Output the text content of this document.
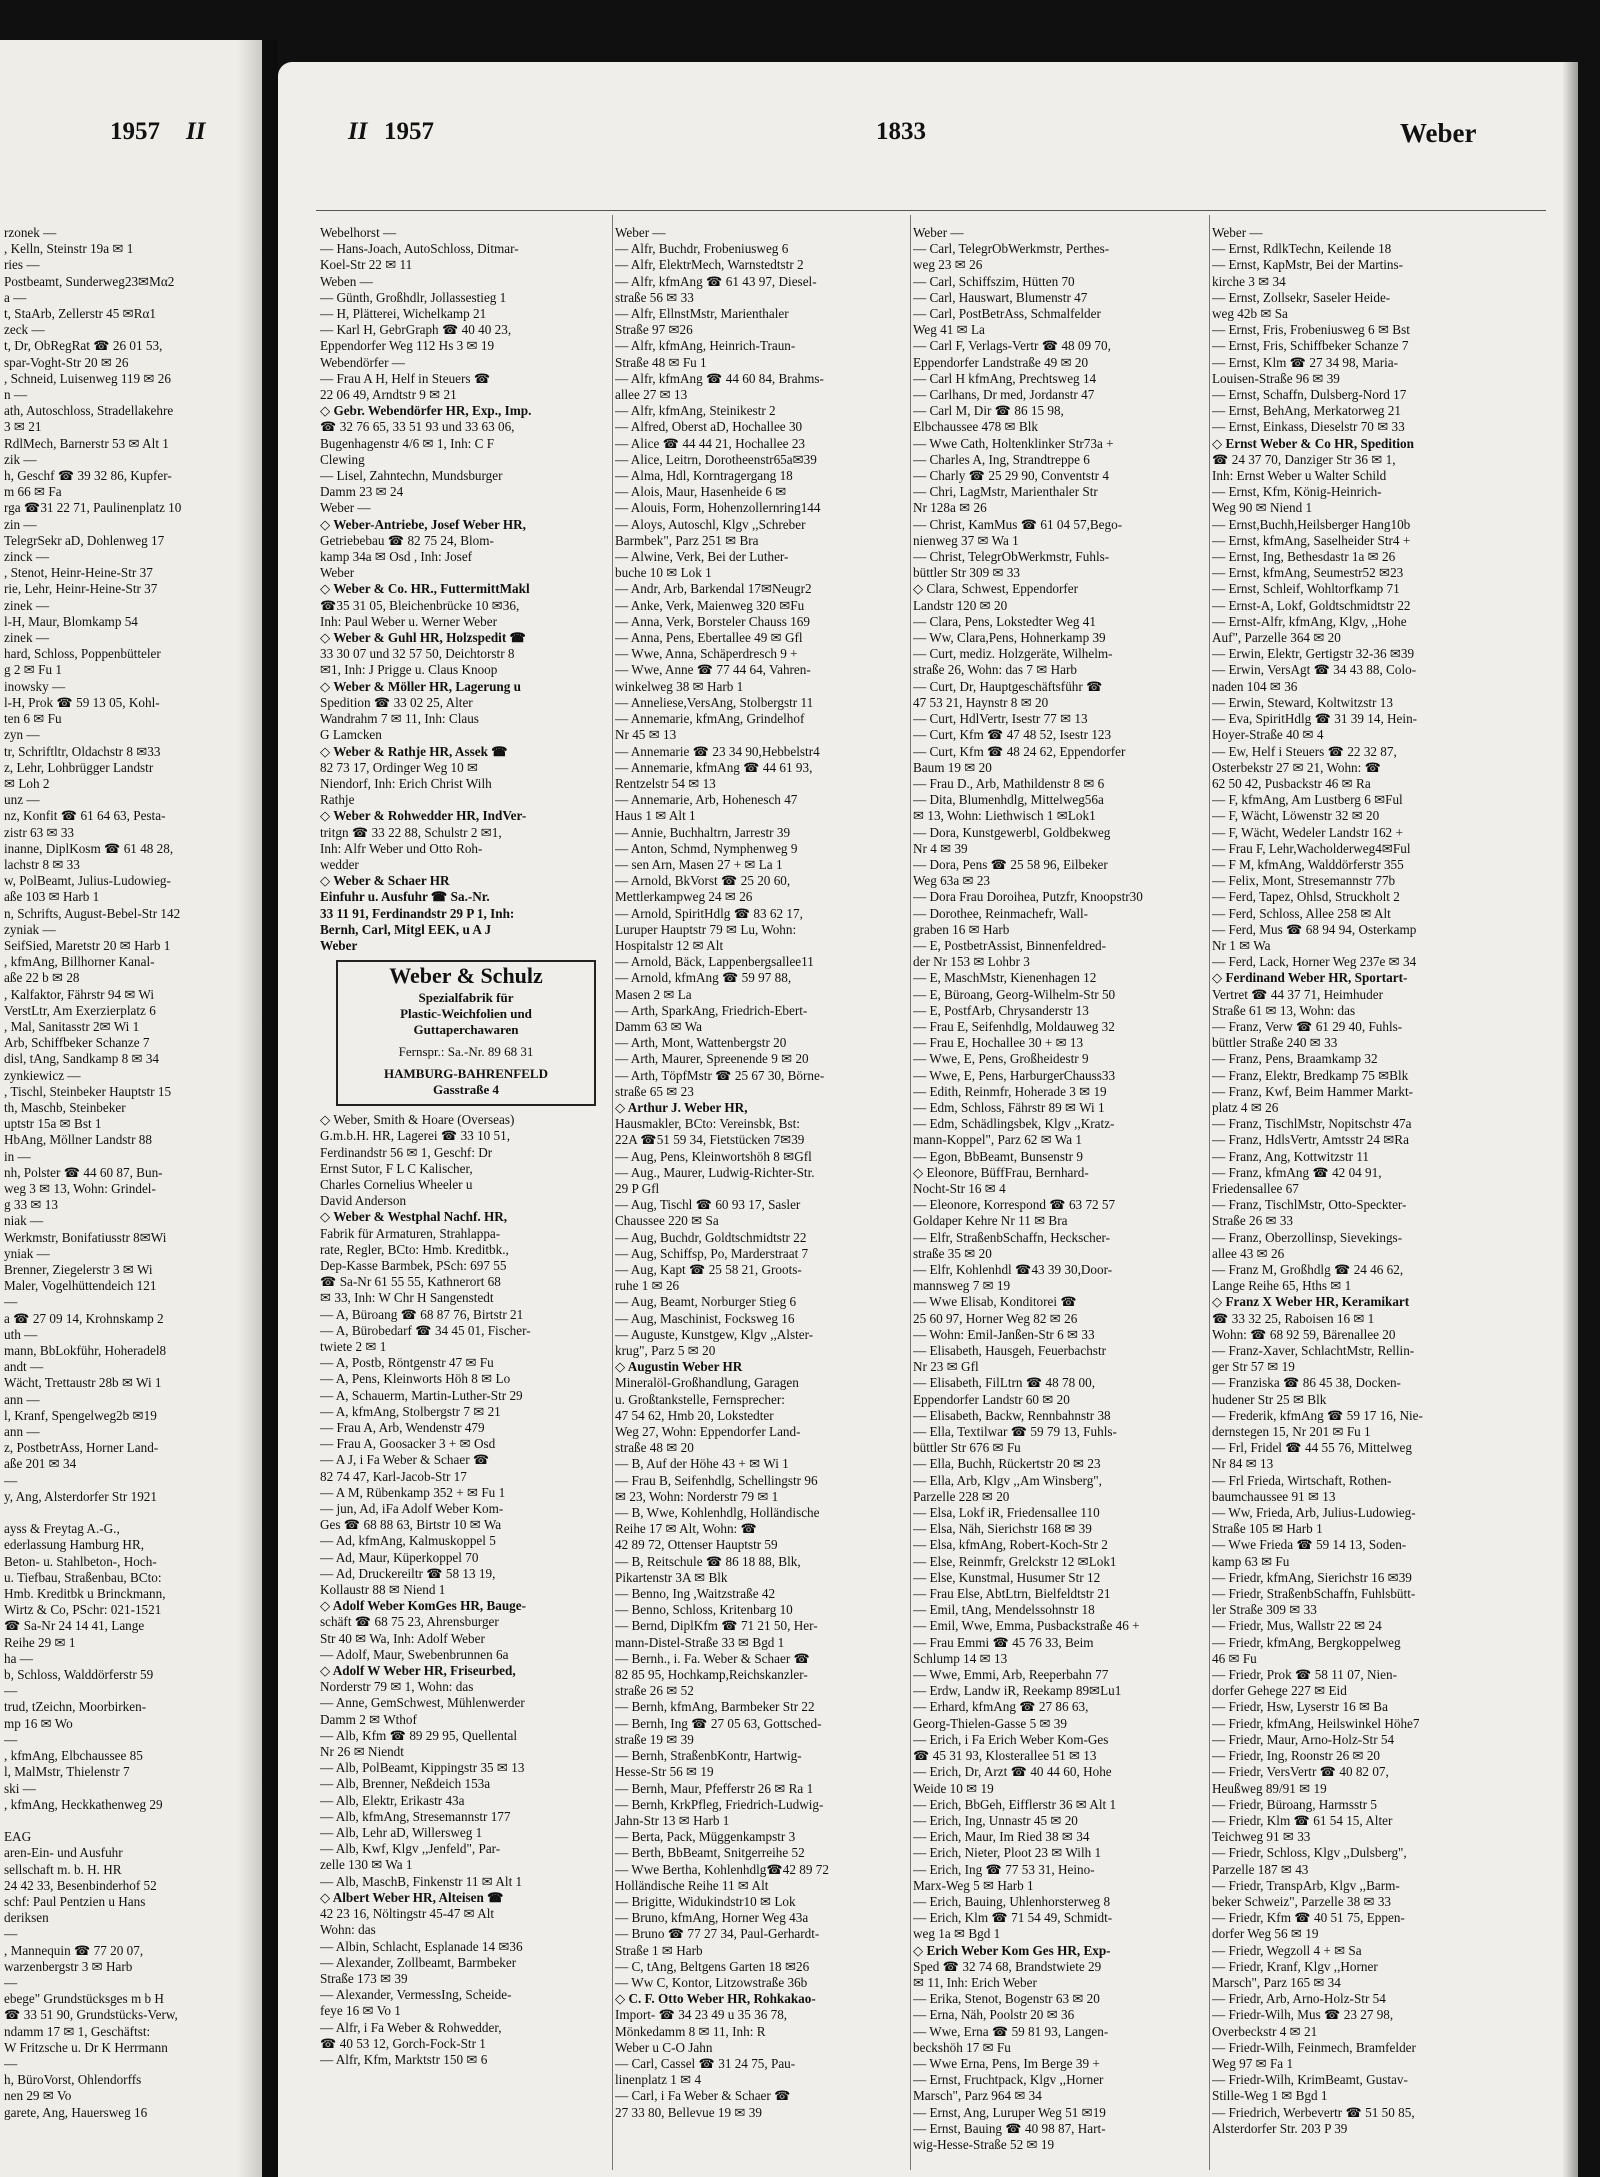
1957 II	II 1957	1833	Weber
rzonek —
, Kelln, Steinstr 19a ✉ 1
ries —
Postbeamt, Sunderweg23✉Mα2
a —
t, StaArb, Zellerstr 45 ✉Rα1
zeck —
t, Dr, ObRegRat ☎ 26 01 53,
spar-Voght-Str 20 ✉ 26
, Schneid, Luisenweg 119 ✉ 26
n —
ath, Autoschloss, Stradellakehre
3 ✉ 21
RdlMech, Barnerstr 53 ✉ Alt 1
zik —
h, Geschf ☎ 39 32 86, Kupfer-
m 66 ✉ Fa
rga ☎31 22 71, Paulinenplatz 10
zin —
TelegrSekr aD, Dohlenweg 17
zinck —
, Stenot, Heinr-Heine-Str 37
rie, Lehr, Heinr-Heine-Str 37
zinek —
l-H, Maur, Blomkamp 54
zinek —
hard, Schloss, Poppenbütteler
g 2 ✉ Fu 1
inowsky —
l-H, Prok ☎ 59 13 05, Kohl-
ten 6 ✉ Fu
zyn —
tr, Schriftltr, Oldachstr 8 ✉33
z, Lehr, Lohbrügger Landstr
✉ Loh 2
unz —
nz, Konfit ☎ 61 64 63, Pesta-
zistr 63 ✉ 33
inanne, DiplKosm ☎ 61 48 28,
lachstr 8 ✉ 33
w, PolBeamt, Julius-Ludowieg-
aße 103 ✉ Harb 1
n, Schrifts, August-Bebel-Str 142
zyniak —
SeifSied, Maretstr 20 ✉ Harb 1
, kfmAng, Billhorner Kanal-
aße 22 b ✉ 28
, Kalfaktor, Fährstr 94 ✉ Wi
VerstLtr, Am Exerzierplatz 6
, Mal, Sanitasstr 2✉ Wi 1
Arb, Schiffbeker Schanze 7
disl, tAng, Sandkamp 8 ✉ 34
zynkiewicz —
, Tischl, Steinbeker Hauptstr 15
th, Maschb, Steinbeker
uptstr 15a ✉ Bst 1
HbAng, Möllner Landstr 88
in —
nh, Polster ☎ 44 60 87, Bun-
weg 3 ✉ 13, Wohn: Grindel-
g 33 ✉ 13
niak —
Werkmstr, Bonifatiusstr 8✉Wi
yniak —
Brenner, Ziegelerstr 3 ✉ Wi
Maler, Vogelhüttendeich 121
—
a ☎ 27 09 14, Krohnskamp 2
uth —
mann, BbLokführ, Hoheradel8
andt —
Wächt, Trettaustr 28b ✉ Wi 1
ann —
l, Kranf, Spengelweg2b ✉19
ann —
z, PostbetrAss, Horner Land-
aße 201 ✉ 34
—
y, Ang, Alsterdorfer Str 1921

ayss & Freytag A.-G.,
ederlassung Hamburg HR,
Beton- u. Stahlbeton-, Hoch-
u. Tiefbau, Straßenbau, BCto:
Hmb. Kreditbk u Brinckmann,
Wirtz & Co, PSchr: 021-1521
☎ Sa-Nr 24 14 41, Lange
Reihe 29 ✉ 1
ha —
b, Schloss, Walddörferstr 59
—
trud, tZeichn, Moorbirken-
mp 16 ✉ Wo
—
, kfmAng, Elbchaussee 85
l, MalMstr, Thielenstr 7
ski —
, kfmAng, Heckkathenweg 29

EAG
aren-Ein- und Ausfuhr
sellschaft m. b. H. HR
24 42 33, Besenbinderhof 52
schf: Paul Pentzien u Hans
deriksen
—
, Mannequin ☎ 77 20 07,
warzenbergstr 3 ✉ Harb
—
ebege" Grundstücksges m b H
☎ 33 51 90, Grundstücks-Verw,
ndamm 17 ✉ 1, Geschäftst:
W Fritzsche u. Dr K Herrmann
—
h, BüroVorst, Ohlendorffs
nen 29 ✉ Vo
garete, Ang, Hauersweg 16
Webelhorst —
— Hans-Joach, AutoSchloss, Ditmar-
Koel-Str 22 ✉ 11
Weben —
— Günth, Großhdlr, Jollassestieg 1
— H, Plätterei, Wichelkamp 21
— Karl H, GebrGraph ☎ 40 40 23,
Eppendorfer Weg 112 Hs 3 ✉ 19
Webendörfer —
— Frau A H, Helf in Steuers ☎
22 06 49, Arndtstr 9 ✉ 21
◇ Gebr. Webendörfer HR, Exp., Imp.
☎ 32 76 65, 33 51 93 und 33 63 06,
Bugenhagenstr 4/6 ✉ 1, Inh: C F
Clewing
— Lisel, Zahntechn, Mundsburger
Damm 23 ✉ 24
Weber —
◇ Weber-Antriebe, Josef Weber HR,
Getriebebau ☎ 82 75 24, Blom-
kamp 34a ✉ Osd , Inh: Josef
Weber
◇ Weber & Co. HR., FuttermittMakl
☎35 31 05, Bleichenbrücke 10 ✉36,
Inh: Paul Weber u. Werner Weber
◇ Weber & Guhl HR, Holzspedit ☎
33 30 07 und 32 57 50, Deichtorstr 8
✉1, Inh: J Prigge u. Claus Knoop
◇ Weber & Möller HR, Lagerung u
Spedition ☎ 33 02 25, Alter
Wandrahm 7 ✉ 11, Inh: Claus
G Lamcken
◇ Weber & Rathje HR, Assek ☎
82 73 17, Ordinger Weg 10 ✉
Niendorf, Inh: Erich Christ Wilh
Rathje
◇ Weber & Rohwedder HR, IndVer-
tritgn ☎ 33 22 88, Schulstr 2 ✉1,
Inh: Alfr Weber und Otto Roh-
wedder
◇ Weber & Schaer HR
Einfuhr u. Ausfuhr ☎ Sa.-Nr.
33 11 91, Ferdinandstr 29 P 1, Inh:
Bernh, Carl, Mitgl EEK, u A J
Weber
Weber & Schulz
Spezialfabrik für
Plastic-Weichfolien und
Guttaperchawaren
Fernspr.: Sa.-Nr. 89 68 31
HAMBURG-BAHRENFELD
Gasstraße 4
◇ Weber, Smith & Hoare (Overseas)
G.m.b.H. HR, Lagerei ☎ 33 10 51,
Ferdinandstr 56 ✉ 1, Geschf: Dr
Ernst Sutor, F L C Kalischer,
Charles Cornelius Wheeler u
David Anderson
◇ Weber & Westphal Nachf. HR,
Fabrik für Armaturen, Strahlappa-
rate, Regler, BCto: Hmb. Kreditbk.,
Dep-Kasse Barmbek, PSch: 697 55
☎ Sa-Nr 61 55 55, Kathnerort 68
✉ 33, Inh: W Chr H Sangenstedt
— A, Büroang ☎ 68 87 76, Birtstr 21
— A, Bürobedarf ☎ 34 45 01, Fischer-
twiete 2 ✉ 1
— A, Postb, Röntgenstr 47 ✉ Fu
— A, Pens, Kleinworts Höh 8 ✉ Lo
— A, Schauerm, Martin-Luther-Str 29
— A, kfmAng, Stolbergstr 7 ✉ 21
— Frau A, Arb, Wendenstr 479
— Frau A, Goosacker 3 + ✉ Osd
— A J, i Fa Weber & Schaer ☎
82 74 47, Karl-Jacob-Str 17
— A M, Rübenkamp 352 + ✉ Fu 1
— jun, Ad, iFa Adolf Weber Kom-
Ges ☎ 68 88 63, Birtstr 10 ✉ Wa
— Ad, kfmAng, Kalmuskoppel 5
— Ad, Maur, Küperkoppel 70
— Ad, Druckereiltr ☎ 58 13 19,
Kollaustr 88 ✉ Niend 1
◇ Adolf Weber KomGes HR, Bauge-
schäft ☎ 68 75 23, Ahrensburger
Str 40 ✉ Wa, Inh: Adolf Weber
— Adolf, Maur, Swebenbrunnen 6a
◇ Adolf W Weber HR, Friseurbed,
Norderstr 79 ✉ 1, Wohn: das
— Anne, GemSchwest, Mühlenwerder
Damm 2 ✉ Wthof
— Alb, Kfm ☎ 89 29 95, Quellental
Nr 26 ✉ Niendt
— Alb, PolBeamt, Kippingstr 35 ✉ 13
— Alb, Brenner, Neßdeich 153a
— Alb, Elektr, Erikastr 43a
— Alb, kfmAng, Stresemannstr 177
— Alb, Lehr aD, Willersweg 1
— Alb, Kwf, Klgv ,,Jenfeld", Par-
zelle 130 ✉ Wa 1
— Alb, MaschB, Finkenstr 11 ✉ Alt 1
◇ Albert Weber HR, Alteisen ☎
42 23 16, Nöltingstr 45-47 ✉ Alt
Wohn: das
— Albin, Schlacht, Esplanade 14 ✉36
— Alexander, Zollbeamt, Barmbeker
Straße 173 ✉ 39
— Alexander, VermessIng, Scheide-
feye 16 ✉ Vo 1
— Alfr, i Fa Weber & Rohwedder,
☎ 40 53 12, Gorch-Fock-Str 1
— Alfr, Kfm, Marktstr 150 ✉ 6
Weber —
— Alfr, Buchdr, Frobeniusweg 6
— Alfr, ElektrMech, Warnstedtstr 2
— Alfr, kfmAng ☎ 61 43 97, Diesel-
straße 56 ✉ 33
— Alfr, EllnstMstr, Marienthaler
Straße 97 ✉26
— Alfr, kfmAng, Heinrich-Traun-
Straße 48 ✉ Fu 1
— Alfr, kfmAng ☎ 44 60 84, Brahms-
allee 27 ✉ 13
— Alfr, kfmAng, Steinikestr 2
— Alfred, Oberst aD, Hochallee 30
— Alice ☎ 44 44 21, Hochallee 23
— Alice, Leitrn, Dorotheenstr65a✉39
— Alma, Hdl, Korntragergang 18
— Alois, Maur, Hasenheide 6 ✉
— Alouis, Form, Hohenzollernring144
— Aloys, Autoschl, Klgv ,,Schreber
Barmbek", Parz 251 ✉ Bra
— Alwine, Verk, Bei der Luther-
buche 10 ✉ Lok 1
— Andr, Arb, Barkendal 17✉Neugr2
— Anke, Verk, Maienweg 320 ✉Fu
— Anna, Verk, Borsteler Chauss 169
— Anna, Pens, Ebertallee 49 ✉ Gfl
— Wwe, Anna, Schäperdresch 9 +
— Wwe, Anne ☎ 77 44 64, Vahren-
winkelweg 38 ✉ Harb 1
— Anneliese,VersAng, Stolbergstr 11
— Annemarie, kfmAng, Grindelhof
Nr 45 ✉ 13
— Annemarie ☎ 23 34 90,Hebbelstr4
— Annemarie, kfmAng ☎ 44 61 93,
Rentzelstr 54 ✉ 13
— Annemarie, Arb, Hohenesch 47
Haus 1 ✉ Alt 1
— Annie, Buchhaltrn, Jarrestr 39
— Anton, Schmd, Nymphenweg 9
— sen Arn, Masen 27 + ✉ La 1
— Arnold, BkVorst ☎ 25 20 60,
Mettlerkampweg 24 ✉ 26
— Arnold, SpiritHdlg ☎ 83 62 17,
Luruper Hauptstr 79 ✉ Lu, Wohn:
Hospitalstr 12 ✉ Alt
— Arnold, Bäck, Lappenbergsallee11
— Arnold, kfmAng ☎ 59 97 88,
Masen 2 ✉ La
— Arth, SparkAng, Friedrich-Ebert-
Damm 63 ✉ Wa
— Arth, Mont, Wattenbergstr 20
— Arth, Maurer, Spreenende 9 ✉ 20
— Arth, TöpfMstr ☎ 25 67 30, Börne-
straße 65 ✉ 23
◇ Arthur J. Weber HR,
Hausmakler, BCto: Vereinsbk, Bst:
22A ☎51 59 34, Fietstücken 7✉39
— Aug, Pens, Kleinwortshöh 8 ✉Gfl
— Aug., Maurer, Ludwig-Richter-Str.
29 P Gfl
— Aug, Tischl ☎ 60 93 17, Sasler
Chaussee 220 ✉ Sa
— Aug, Buchdr, Goldtschmidtstr 22
— Aug, Schiffsp, Po, Marderstraat 7
— Aug, Kapt ☎ 25 58 21, Groots-
ruhe 1 ✉ 26
— Aug, Beamt, Norburger Stieg 6
— Aug, Maschinist, Focksweg 16
— Auguste, Kunstgew, Klgv ,,Alster-
krug", Parz 5 ✉ 20
◇ Augustin Weber HR
Mineralöl-Großhandlung, Garagen
u. Großtankstelle, Fernsprecher:
47 54 62, Hmb 20, Lokstedter
Weg 27, Wohn: Eppendorfer Land-
straße 48 ✉ 20
— B, Auf der Höhe 43 + ✉ Wi 1
— Frau B, Seifenhdlg, Schellingstr 96
✉ 23, Wohn: Norderstr 79 ✉ 1
— B, Wwe, Kohlenhdlg, Holländische
Reihe 17 ✉ Alt, Wohn: ☎
42 89 72, Ottenser Hauptstr 59
— B, Reitschule ☎ 86 18 88, Blk,
Pikartenstr 3A ✉ Blk
— Benno, Ing ,Waitzstraße 42
— Benno, Schloss, Kritenbarg 10
— Bernd, DiplKfm ☎ 71 21 50, Her-
mann-Distel-Straße 33 ✉ Bgd 1
— Bernh., i. Fa. Weber & Schaer ☎
82 85 95, Hochkamp,Reichskanzler-
straße 26 ✉ 52
— Bernh, kfmAng, Barmbeker Str 22
— Bernh, Ing ☎ 27 05 63, Gottsched-
straße 19 ✉ 39
— Bernh, StraßenbKontr, Hartwig-
Hesse-Str 56 ✉ 19
— Bernh, Maur, Pfefferstr 26 ✉ Ra 1
— Bernh, KrkPfleg, Friedrich-Ludwig-
Jahn-Str 13 ✉ Harb 1
— Berta, Pack, Müggenkampstr 3
— Berth, BbBeamt, Snitgerreihe 52
— Wwe Bertha, Kohlenhdlg☎42 89 72
Holländische Reihe 11 ✉ Alt
— Brigitte, Widukindstr10 ✉ Lok
— Bruno, kfmAng, Horner Weg 43a
— Bruno ☎ 77 27 34, Paul-Gerhardt-
Straße 1 ✉ Harb
— C, tAng, Beltgens Garten 18 ✉26
— Ww C, Kontor, Litzowstraße 36b
◇ C. F. Otto Weber HR, Rohkakao-
Import- ☎ 34 23 49 u 35 36 78,
Mönkedamm 8 ✉ 11, Inh: R
Weber u C-O Jahn
— Carl, Cassel ☎ 31 24 75, Pau-
linenplatz 1 ✉ 4
— Carl, i Fa Weber & Schaer ☎
27 33 80, Bellevue 19 ✉ 39
Weber —
— Carl, TelegrObWerkmstr, Perthes-
weg 23 ✉ 26
— Carl, Schiffszim, Hütten 70
— Carl, Hauswart, Blumenstr 47
— Carl, PostBetrAss, Schmalfelder
Weg 41 ✉ La
— Carl F, Verlags-Vertr ☎ 48 09 70,
Eppendorfer Landstraße 49 ✉ 20
— Carl H kfmAng, Prechtsweg 14
— Carlhans, Dr med, Jordanstr 47
— Carl M, Dir ☎ 86 15 98,
Elbchaussee 478 ✉ Blk
— Wwe Cath, Holtenklinker Str73a +
— Charles A, Ing, Strandtreppe 6
— Charly ☎ 25 29 90, Conventstr 4
— Chri, LagMstr, Marienthaler Str
Nr 128a ✉ 26
— Christ, KamMus ☎ 61 04 57,Bego-
nienweg 37 ✉ Wa 1
— Christ, TelegrObWerkmstr, Fuhls-
büttler Str 309 ✉ 33
◇ Clara, Schwest, Eppendorfer
Landstr 120 ✉ 20
— Clara, Pens, Lokstedter Weg 41
— Ww, Clara,Pens, Hohnerkamp 39
— Curt, mediz. Holzgeräte, Wilhelm-
straße 26, Wohn: das 7 ✉ Harb
— Curt, Dr, Hauptgeschäftsführ ☎
47 53 21, Haynstr 8 ✉ 20
— Curt, HdlVertr, Isestr 77 ✉ 13
— Curt, Kfm ☎ 47 48 52, Isestr 123
— Curt, Kfm ☎ 48 24 62, Eppendorfer
Baum 19 ✉ 20
— Frau D., Arb, Mathildenstr 8 ✉ 6
— Dita, Blumenhdlg, Mittelweg56a
✉ 13, Wohn: Liethwisch 1 ✉Lok1
— Dora, Kunstgewerbl, Goldbekweg
Nr 4 ✉ 39
— Dora, Pens ☎ 25 58 96, Eilbeker
Weg 63a ✉ 23
— Dora Frau Doroihea, Putzfr, Knoopstr30
— Dorothee, Reinmachefr, Wall-
graben 16 ✉ Harb
— E, PostbetrAssist, Binnenfeldred-
der Nr 153 ✉ Lohbr 3
— E, MaschMstr, Kienenhagen 12
— E, Büroang, Georg-Wilhelm-Str 50
— E, PostfArb, Chrysanderstr 13
— Frau E, Seifenhdlg, Moldauweg 32
— Frau E, Hochallee 30 + ✉ 13
— Wwe, E, Pens, Großheidestr 9
— Wwe, E, Pens, HarburgerChauss33
— Edith, Reinmfr, Hoherade 3 ✉ 19
— Edm, Schloss, Fährstr 89 ✉ Wi 1
— Edm, Schädlingsbek, Klgv ,,Kratz-
mann-Koppel", Parz 62 ✉ Wa 1
— Egon, BbBeamt, Bunsenstr 9
◇ Eleonore, BüffFrau, Bernhard-
Nocht-Str 16 ✉ 4
— Eleonore, Korrespond ☎ 63 72 57
Goldaper Kehre Nr 11 ✉ Bra
— Elfr, StraßenbSchaffn, Heckscher-
straße 35 ✉ 20
— Elfr, Kohlenhdl ☎43 39 30,Door-
mannsweg 7 ✉ 19
— Wwe Elisab, Konditorei ☎
25 60 97, Horner Weg 82 ✉ 26
— Wohn: Emil-Janßen-Str 6 ✉ 33
— Elisabeth, Hausgeh, Feuerbachstr
Nr 23 ✉ Gfl
— Elisabeth, FilLtrn ☎ 48 78 00,
Eppendorfer Landstr 60 ✉ 20
— Elisabeth, Backw, Rennbahnstr 38
— Ella, Textilwar ☎ 59 79 13, Fuhls-
büttler Str 676 ✉ Fu
— Ella, Buchh, Rückertstr 20 ✉ 23
— Ella, Arb, Klgv ,,Am Winsberg",
Parzelle 228 ✉ 20
— Elsa, Lokf iR, Friedensallee 110
— Elsa, Näh, Sierichstr 168 ✉ 39
— Elsa, kfmAng, Robert-Koch-Str 2
— Else, Reinmfr, Grelckstr 12 ✉Lok1
— Else, Kunstmal, Husumer Str 12
— Frau Else, AbtLtrn, Bielfeldtstr 21
— Emil, tAng, Mendelssohnstr 18
— Emil, Wwe, Emma, Pusbackstraße 46 +
— Frau Emmi ☎ 45 76 33, Beim
Schlump 14 ✉ 13
— Wwe, Emmi, Arb, Reeperbahn 77
— Erdw, Landw iR, Reekamp 89✉Lu1
— Erhard, kfmAng ☎ 27 86 63,
Georg-Thielen-Gasse 5 ✉ 39
— Erich, i Fa Erich Weber Kom-Ges
☎ 45 31 93, Klosterallee 51 ✉ 13
— Erich, Dr, Arzt ☎ 40 44 60, Hohe
Weide 10 ✉ 19
— Erich, BbGeh, Eifflerstr 36 ✉ Alt 1
— Erich, Ing, Unnastr 45 ✉ 20
— Erich, Maur, Im Ried 38 ✉ 34
— Erich, Nieter, Ploot 23 ✉ Wilh 1
— Erich, Ing ☎ 77 53 31, Heino-
Marx-Weg 5 ✉ Harb 1
— Erich, Bauing, Uhlenhorsterweg 8
— Erich, Klm ☎ 71 54 49, Schmidt-
weg 1a ✉ Bgd 1
◇ Erich Weber Kom Ges HR, Exp-
Sped ☎ 32 74 68, Brandstwiete 29
✉ 11, Inh: Erich Weber
— Erika, Stenot, Bogenstr 63 ✉ 20
— Erna, Näh, Poolstr 20 ✉ 36
— Wwe, Erna ☎ 59 81 93, Langen-
beckshöh 17 ✉ Fu
— Wwe Erna, Pens, Im Berge 39 +
— Ernst, Fruchtpack, Klgv ,,Horner
Marsch", Parz 964 ✉ 34
— Ernst, Ang, Luruper Weg 51 ✉19
— Ernst, Bauing ☎ 40 98 87, Hart-
wig-Hesse-Straße 52 ✉ 19
Weber —
— Ernst, RdlkTechn, Keilende 18
— Ernst, KapMstr, Bei der Martins-
kirche 3 ✉ 34
— Ernst, Zollsekr, Saseler Heide-
weg 42b ✉ Sa
— Ernst, Fris, Frobeniusweg 6 ✉ Bst
— Ernst, Fris, Schiffbeker Schanze 7
— Ernst, Klm ☎ 27 34 98, Maria-
Louisen-Straße 96 ✉ 39
— Ernst, Schaffn, Dulsberg-Nord 17
— Ernst, BehAng, Merkatorweg 21
— Ernst, Einkass, Dieselstr 70 ✉ 33
◇ Ernst Weber & Co HR, Spedition
☎ 24 37 70, Danziger Str 36 ✉ 1,
Inh: Ernst Weber u Walter Schild
— Ernst, Kfm, König-Heinrich-
Weg 90 ✉ Niend 1
— Ernst,Buchh,Heilsberger Hang10b
— Ernst, kfmAng, Saselheider Str4 +
— Ernst, Ing, Bethesdastr 1a ✉ 26
— Ernst, kfmAng, Seumestr52 ✉23
— Ernst, Schleif, Wohltorfkamp 71
— Ernst-A, Lokf, Goldtschmidtstr 22
— Ernst-Alfr, kfmAng, Klgv, ,,Hohe
Auf", Parzelle 364 ✉ 20
— Erwin, Elektr, Gertigstr 32-36 ✉39
— Erwin, VersAgt ☎ 34 43 88, Colo-
naden 104 ✉ 36
— Erwin, Steward, Koltwitzstr 13
— Eva, SpiritHdlg ☎ 31 39 14, Hein-
Hoyer-Straße 40 ✉ 4
— Ew, Helf i Steuers ☎ 22 32 87,
Osterbekstr 27 ✉ 21, Wohn: ☎
62 50 42, Pusbackstr 46 ✉ Ra
— F, kfmAng, Am Lustberg 6 ✉Ful
— F, Wächt, Löwenstr 32 ✉ 20
— F, Wächt, Wedeler Landstr 162 +
— Frau F, Lehr,Wacholderweg4✉Ful
— F M, kfmAng, Walddörferstr 355
— Felix, Mont, Stresemannstr 77b
— Ferd, Tapez, Ohlsd, Struckholt 2
— Ferd, Schloss, Allee 258 ✉ Alt
— Ferd, Mus ☎ 68 94 94, Osterkamp
Nr 1 ✉ Wa
— Ferd, Lack, Horner Weg 237e ✉ 34
◇ Ferdinand Weber HR, Sportart-
Vertret ☎ 44 37 71, Heimhuder
Straße 61 ✉ 13, Wohn: das
— Franz, Verw ☎ 61 29 40, Fuhls-
büttler Straße 240 ✉ 33
— Franz, Pens, Braamkamp 32
— Franz, Elektr, Bredkamp 75 ✉Blk
— Franz, Kwf, Beim Hammer Markt-
platz 4 ✉ 26
— Franz, TischlMstr, Nopitschstr 47a
— Franz, HdlsVertr, Amtsstr 24 ✉Ra
— Franz, Ang, Kottwitzstr 11
— Franz, kfmAng ☎ 42 04 91,
Friedensallee 67
— Franz, TischlMstr, Otto-Speckter-
Straße 26 ✉ 33
— Franz, Oberzollinsp, Sievekings-
allee 43 ✉ 26
— Franz M, Großhdlg ☎ 24 46 62,
Lange Reihe 65, Hths ✉ 1
◇ Franz X Weber HR, Keramikart
☎ 33 32 25, Raboisen 16 ✉ 1
Wohn: ☎ 68 92 59, Bärenallee 20
— Franz-Xaver, SchlachtMstr, Rellin-
ger Str 57 ✉ 19
— Franziska ☎ 86 45 38, Docken-
hudener Str 25 ✉ Blk
— Frederik, kfmAng ☎ 59 17 16, Nie-
dernstegen 15, Nr 201 ✉ Fu 1
— Frl, Fridel ☎ 44 55 76, Mittelweg
Nr 84 ✉ 13
— Frl Frieda, Wirtschaft, Rothen-
baumchaussee 91 ✉ 13
— Ww, Frieda, Arb, Julius-Ludowieg-
Straße 105 ✉ Harb 1
— Wwe Frieda ☎ 59 14 13, Soden-
kamp 63 ✉ Fu
— Friedr, kfmAng, Sierichstr 16 ✉39
— Friedr, StraßenbSchaffn, Fuhlsbütt-
ler Straße 309 ✉ 33
— Friedr, Mus, Wallstr 22 ✉ 24
— Friedr, kfmAng, Bergkoppelweg
46 ✉ Fu
— Friedr, Prok ☎ 58 11 07, Nien-
dorfer Gehege 227 ✉ Eid
— Friedr, Hsw, Lyserstr 16 ✉ Ba
— Friedr, kfmAng, Heilswinkel Höhe7
— Friedr, Maur, Arno-Holz-Str 54
— Friedr, Ing, Roonstr 26 ✉ 20
— Friedr, VersVertr ☎ 40 82 07,
Heußweg 89/91 ✉ 19
— Friedr, Büroang, Harmsstr 5
— Friedr, Klm ☎ 61 54 15, Alter
Teichweg 91 ✉ 33
— Friedr, Schloss, Klgv ,,Dulsberg",
Parzelle 187 ✉ 43
— Friedr, TranspArb, Klgv ,,Barm-
beker Schweiz", Parzelle 38 ✉ 33
— Friedr, Kfm ☎ 40 51 75, Eppen-
dorfer Weg 56 ✉ 19
— Friedr, Wegzoll 4 + ✉ Sa
— Friedr, Kranf, Klgv ,,Horner
Marsch", Parz 165 ✉ 34
— Friedr, Arb, Arno-Holz-Str 54
— Friedr-Wilh, Mus ☎ 23 27 98,
Overbeckstr 4 ✉ 21
— Friedr-Wilh, Feinmech, Bramfelder
Weg 97 ✉ Fa 1
— Friedr-Wilh, KrimBeamt, Gustav-
Stille-Weg 1 ✉ Bgd 1
— Friedrich, Werbevertr ☎ 51 50 85,
Alsterdorfer Str. 203 P 39
